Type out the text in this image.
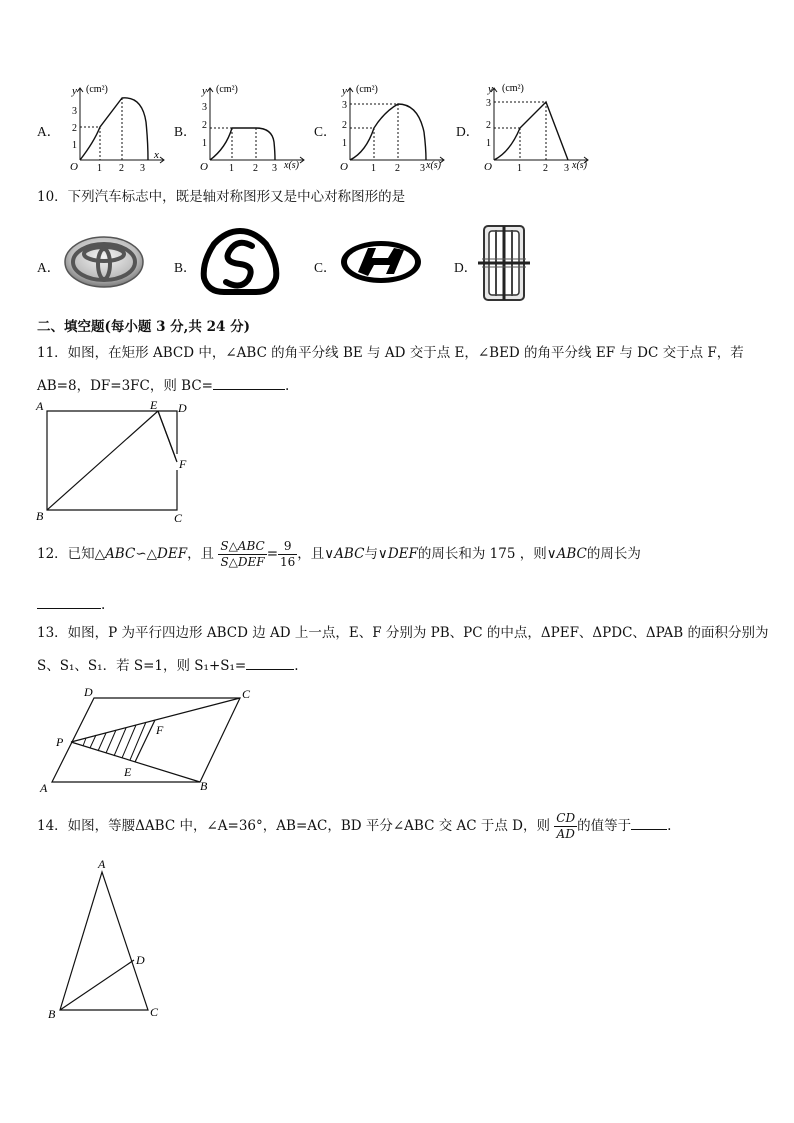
A．
y (cm²)
x
O
1
2
3
1 2 3
B．
y (cm²)
x(s)
O
1
2
3
1 2 3
C．
y (cm²)
x(s)
O
1
2
3
1 2 3
D．
y (cm²)
x(s)
O
1
2
3
1 2 3
10．下列汽车标志中，既是轴对称图形又是中心对称图形的是
A．	B．	C．	D．
二、填空题(每小题 3 分,共 24 分)
11．如图，在矩形 ABCD 中，∠ABC 的角平分线 BE 与 AD 交于点 E，∠BED 的角平分线 EF 与 DC 交于点 F，若
AB=8，DF=3FC，则 BC=	.
A
B	C
D
E
F
12．已知△ABC∽△DEF，且 $\frac{\text{S△ABC}}{\text{S△DEF}} = \frac{9}{16}$ ，且∨ABC与∨DEF的周长和为 175 ，则∨ABC的周长为
.
13．如图，P 为平行四边形 ABCD 边 AD 上一点，E、F 分别为 PB、PC 的中点，ΔPEF、ΔPDC、ΔPAB 的面积分别为
S、S₁、S₁．若 S=1，则 S₁+S₁=	.
A	B
C
D
P
E
F
14．如图，等腰ΔABC 中，∠A=36°，AB=AC，BD 平分∠ABC 交 AC 于点 D，则 $\frac{CD}{AD}$ 的值等于	.
A
B	C
D
